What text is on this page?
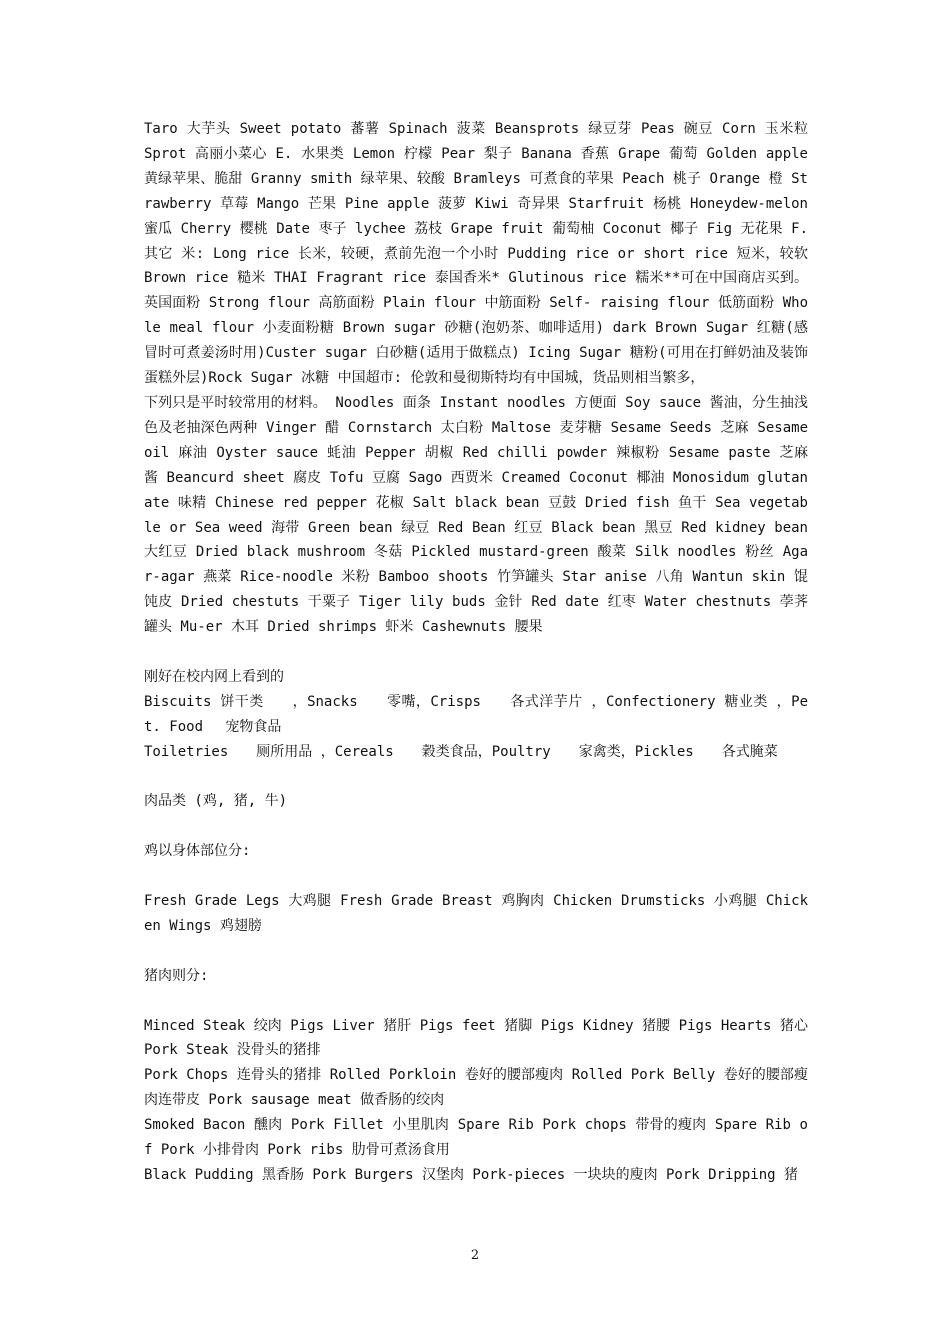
Taro 大芋头 Sweet potato 蕃薯 Spinach 菠菜 Beansprots 绿豆芽 Peas 碗豆 Corn 玉米粒 Sprot 高丽小菜心 E. 水果类 Lemon 柠檬 Pear 梨子 Banana 香蕉 Grape 葡萄 Golden apple 黄绿苹果、脆甜 Granny smith 绿苹果、较酸 Bramleys 可煮食的苹果 Peach 桃子 Orange 橙 Strawberry 草莓 Mango 芒果 Pine apple 菠萝 Kiwi 奇异果 Starfruit 杨桃 Honeydew-melon 蜜瓜 Cherry 樱桃 Date 枣子 lychee 荔枝 Grape fruit 葡萄柚 Coconut 椰子 Fig 无花果 F. 其它 米: Long rice 长米，较硬，煮前先泡一个小时 Pudding rice or short rice 短米，较软 Brown rice 糙米 THAI Fragrant rice 泰国香米* Glutinous rice 糯米**可在中国商店买到。 英国面粉 Strong flour 高筋面粉 Plain flour 中筋面粉 Self- raising flour 低筋面粉 Whole meal flour 小麦面粉糖 Brown sugar 砂糖(泡奶茶、咖啡适用) dark Brown Sugar 红糖(感冒时可煮姜汤时用)Custer sugar 白砂糖(适用于做糕点) Icing Sugar 糖粉(可用在打鲜奶油及装饰蛋糕外层)Rock Sugar 冰糖 中国超市: 伦敦和曼彻斯特均有中国城，货品则相当繁多，

下列只是平时较常用的材料。 Noodles 面条 Instant noodles 方便面 Soy sauce 酱油，分生抽浅色及老抽深色两种 Vinger 醋 Cornstarch 太白粉 Maltose 麦芽糖 Sesame Seeds 芝麻 Sesame oil 麻油 Oyster sauce 蚝油 Pepper 胡椒 Red chilli powder 辣椒粉 Sesame paste 芝麻酱 Beancurd sheet 腐皮 Tofu 豆腐 Sago 西贾米 Creamed Coconut 椰油 Monosidum glutanate 味精 Chinese red pepper 花椒 Salt black bean 豆鼓 Dried fish 鱼干 Sea vegetable or Sea weed 海带 Green bean 绿豆 Red Bean 红豆 Black bean 黑豆 Red kidney bean 大红豆 Dried black mushroom 冬菇 Pickled mustard-green 酸菜 Silk noodles 粉丝 Agar-agar 燕菜 Rice-noodle 米粉 Bamboo shoots 竹笋罐头 Star anise 八角 Wantun skin 馄饨皮 Dried chestuts 干粟子 Tiger lily buds 金针 Red date 红枣 Water chestnuts 荸荠罐头 Mu-er 木耳 Dried shrimps 虾米 Cashewnuts 腰果

刚好在校内网上看到的

Biscuits 饼干类　　，Snacks　　零嘴，Crisps　　各式洋芋片 ，Confectionery 糖业类 ，Pet. Food　 宠物食品

Toiletries　　厕所用品 ，Cereals　　穀类食品，Poultry　　家禽类，Pickles　　各式腌菜

肉品类 (鸡, 猪, 牛)

鸡以身体部位分:

Fresh Grade Legs 大鸡腿 Fresh Grade Breast 鸡胸肉 Chicken Drumsticks 小鸡腿 Chicken Wings 鸡翅膀

猪肉则分:

Minced Steak 绞肉 Pigs Liver 猪肝 Pigs feet 猪脚 Pigs Kidney 猪腰 Pigs Hearts 猪心 Pork Steak 没骨头的猪排

Pork Chops 连骨头的猪排 Rolled Porkloin 卷好的腰部瘦肉 Rolled Pork Belly 卷好的腰部瘦肉连带皮 Pork sausage meat 做香肠的绞肉

Smoked Bacon 醺肉 Pork Fillet 小里肌肉 Spare Rib Pork chops 带骨的瘦肉 Spare Rib of Pork 小排骨肉 Pork ribs 肋骨可煮汤食用

Black Pudding 黑香肠 Pork Burgers 汉堡肉 Pork-pieces 一块块的廋肉 Pork Dripping 猪

2
